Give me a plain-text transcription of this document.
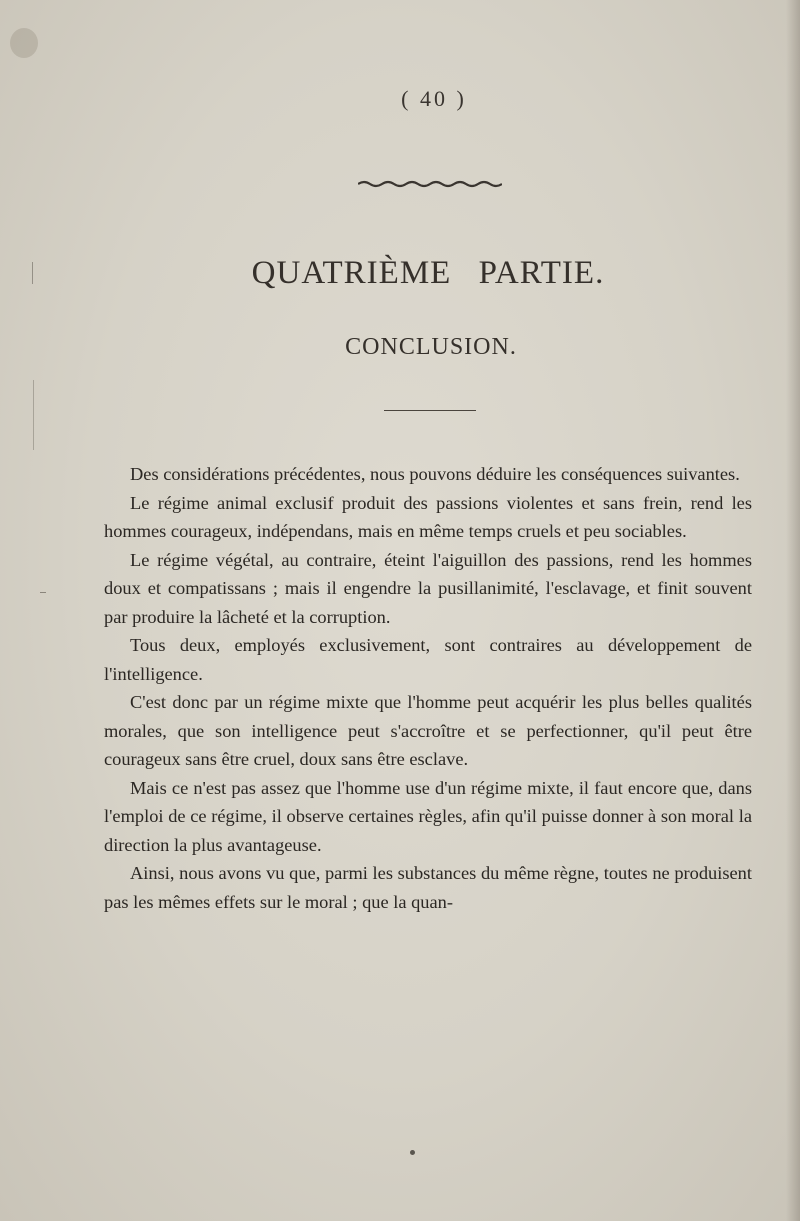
( 40 )
QUATRIÈME PARTIE.
CONCLUSION.

Des considérations précédentes, nous pouvons déduire les conséquences suivantes.

Le régime animal exclusif produit des passions violentes et sans frein, rend les hommes courageux, indépendans, mais en même temps cruels et peu sociables.

Le régime végétal, au contraire, éteint l'aiguillon des passions, rend les hommes doux et compatissans ; mais il engendre la pusillanimité, l'esclavage, et finit souvent par produire la lâcheté et la corruption.

Tous deux, employés exclusivement, sont contraires au développement de l'intelligence.

C'est donc par un régime mixte que l'homme peut acquérir les plus belles qualités morales, que son intelligence peut s'accroître et se perfectionner, qu'il peut être courageux sans être cruel, doux sans être esclave.

Mais ce n'est pas assez que l'homme use d'un régime mixte, il faut encore que, dans l'emploi de ce régime, il observe certaines règles, afin qu'il puisse donner à son moral la direction la plus avantageuse.

Ainsi, nous avons vu que, parmi les substances du même règne, toutes ne produisent pas les mêmes effets sur le moral ; que la quan-
